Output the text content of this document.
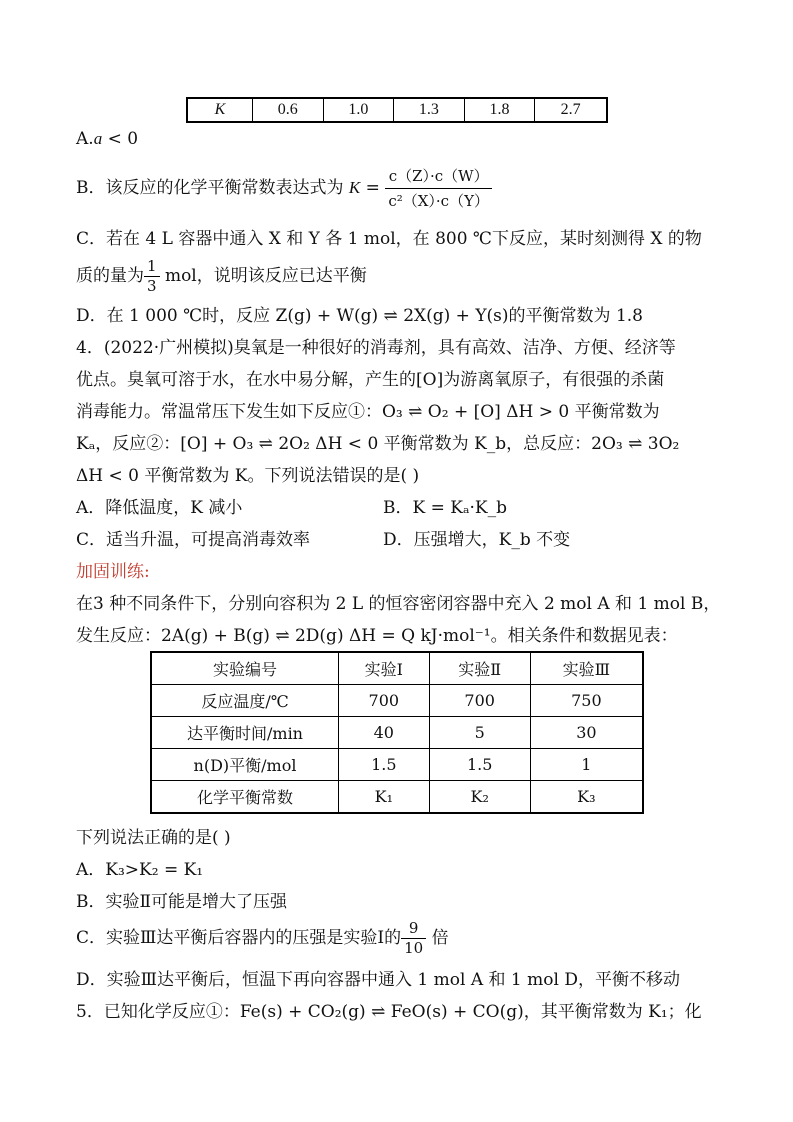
K	0.6	1.0	1.3	1.8	2.7
A.a < 0
B．该反应的化学平衡常数表达式为 $K = \frac{c(Z)\cdot c(W)}{\text{c²（X）·c（Y）}}$
C．若在 4 L 容器中通入 X 和 Y 各 1 mol，在 800 ℃下反应，某时刻测得 X 的物
质的量为 $\frac{1}{3}$ mol，说明该反应已达平衡
D．在 1 000 ℃时，反应 Z(g) + W(g) ⇌ 2X(g) + Y(s)的平衡常数为 1.8
4．(2022·广州模拟)臭氧是一种很好的消毒剂，具有高效、洁净、方便、经济等
优点。臭氧可溶于水，在水中易分解，产生的[O]为游离氧原子，有很强的杀菌
消毒能力。常温常压下发生如下反应①：O₃ ⇌ O₂ + [O] ΔH > 0 平衡常数为
Kₐ，反应②：[O] + O₃ ⇌ 2O₂ ΔH < 0 平衡常数为 K_b，总反应：2O₃ ⇌ 3O₂
ΔH < 0 平衡常数为 K。下列说法错误的是( )
A．降低温度，K 减小	B．K = Kₐ·K_b
C．适当升温，可提高消毒效率	D．压强增大，K_b 不变
加固训练:
在3 种不同条件下，分别向容积为 2 L 的恒容密闭容器中充入 2 mol A 和 1 mol B，
发生反应：2A(g) + B(g) ⇌ 2D(g) ΔH = Q kJ·mol⁻¹。相关条件和数据见表：
实验编号	实验Ⅰ	实验Ⅱ	实验Ⅲ
反应温度/℃	700	700	750
达平衡时间/min	40	5	30
n(D)平衡/mol	1.5	1.5	1
化学平衡常数	K₁	K₂	K₃
下列说法正确的是( )
A．K₃>K₂ = K₁
B．实验Ⅱ可能是增大了压强
C．实验Ⅲ达平衡后容器内的压强是实验Ⅰ的 $\frac{9}{10}$ 倍
D．实验Ⅲ达平衡后，恒温下再向容器中通入 1 mol A 和 1 mol D，平衡不移动
5．已知化学反应①：Fe(s) + CO₂(g) ⇌ FeO(s) + CO(g)，其平衡常数为 K₁；化
